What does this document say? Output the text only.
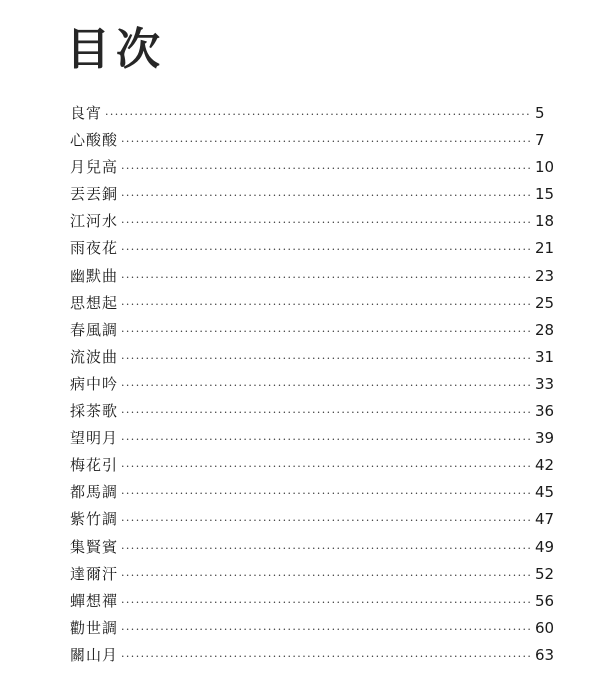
目次
良宵 ·····	5
心酸酸 ·····	7
月兒高 ·····	10
丟丟銅 ·····	15
江河水 ·····	18
雨夜花 ·····	21
幽默曲 ·····	23
思想起 ·····	25
春風調 ·····	28
流波曲 ·····	31
病中吟 ·····	33
採茶歌 ·····	36
望明月 ·····	39
梅花引 ·····	42
都馬調 ·····	45
紫竹調 ·····	47
集賢賓 ·····	49
達爾汗 ·····	52
蟬想禪 ·····	56
勸世調 ·····	60
關山月 ·····	63
